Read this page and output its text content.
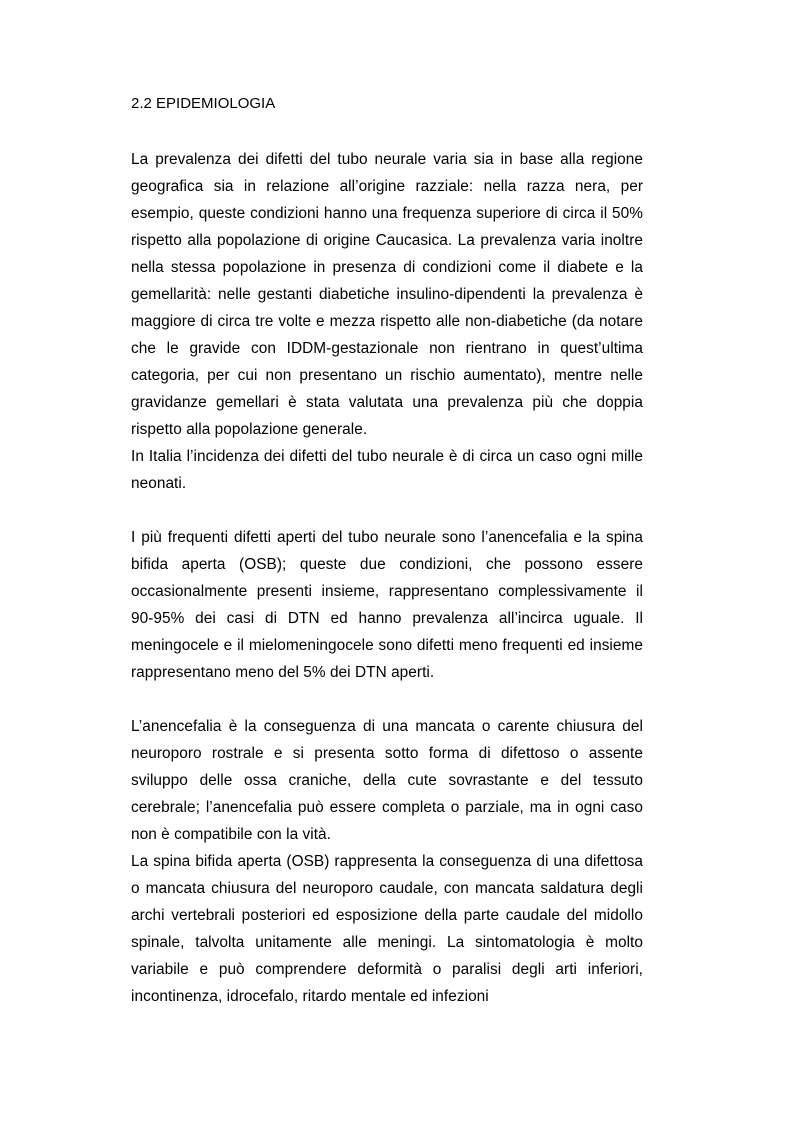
2.2 EPIDEMIOLOGIA

La prevalenza dei difetti del tubo neurale varia sia in base alla regione geografica sia in relazione all’origine razziale: nella razza nera, per esempio, queste condizioni hanno una frequenza superiore di circa il 50% rispetto alla popolazione di origine Caucasica. La prevalenza varia inoltre nella stessa popolazione in presenza di condizioni come il diabete e la gemellarità: nelle gestanti diabetiche insulino-dipendenti la prevalenza è maggiore di circa tre volte e mezza rispetto alle non-diabetiche (da notare che le gravide con IDDM-gestazionale non rientrano in quest’ultima categoria, per cui non presentano un rischio aumentato), mentre nelle gravidanze gemellari è stata valutata una prevalenza più che doppia rispetto alla popolazione generale.

In Italia l’incidenza dei difetti del tubo neurale è di circa un caso ogni mille neonati.

I più frequenti difetti aperti del tubo neurale sono l’anencefalia e la spina bifida aperta (OSB); queste due condizioni, che possono essere occasionalmente presenti insieme, rappresentano complessivamente il 90-95% dei casi di DTN ed hanno prevalenza all’incirca uguale. Il meningocele e il mielomeningocele sono difetti meno frequenti ed insieme rappresentano meno del 5% dei DTN aperti.

L’anencefalia è la conseguenza di una mancata o carente chiusura del neuroporo rostrale e si presenta sotto forma di difettoso o assente sviluppo delle ossa craniche, della cute sovrastante e del tessuto cerebrale; l’anencefalia può essere completa o parziale, ma in ogni caso non è compatibile con la vità.

La spina bifida aperta (OSB) rappresenta la conseguenza di una difettosa o mancata chiusura del neuroporo caudale, con mancata saldatura degli archi vertebrali posteriori ed esposizione della parte caudale del midollo spinale, talvolta unitamente alle meningi. La sintomatologia è molto variabile e può comprendere deformità o paralisi degli arti inferiori, incontinenza, idrocefalo, ritardo mentale ed infezioni
